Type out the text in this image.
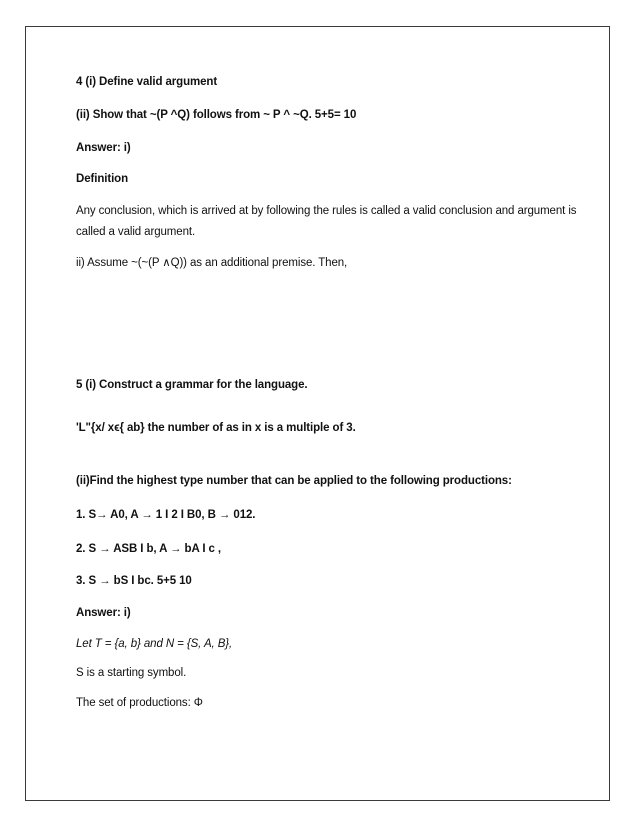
4 (i) Define valid argument
(ii) Show that ~(P ^Q) follows from ~ P ^ ~Q. 5+5= 10
Answer: i)
Definition
Any conclusion, which is arrived at by following the rules is called a valid conclusion and argument is
called a valid argument.
ii) Assume ~(~(P ∧Q)) as an additional premise. Then,
5 (i) Construct a grammar for the language.
'L"{x/ xϵ{ ab} the number of as in x is a multiple of 3.
(ii)Find the highest type number that can be applied to the following productions:
1. S→ A0, A → 1 I 2 I B0, B → 012.
2. S → ASB I b, A → bA I c ,
3. S → bS I bc. 5+5 10
Answer: i)
Let T = {a, b} and N = {S, A, B},
S is a starting symbol.
The set of productions: Φ
